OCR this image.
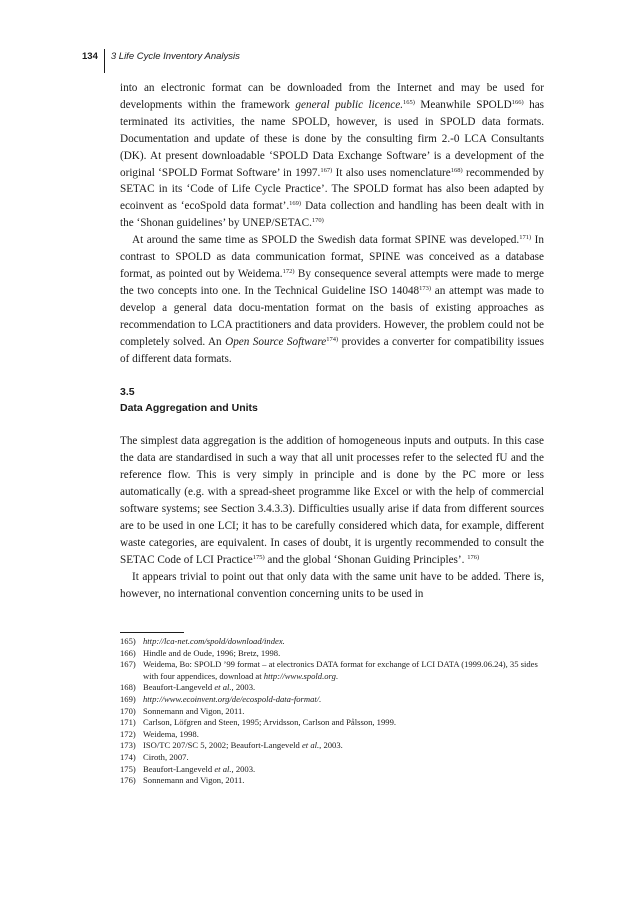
134	3 Life Cycle Inventory Analysis

into an electronic format can be downloaded from the Internet and may be used for developments within the framework general public licence.$^{165)}$ Meanwhile SPOLD$^{166)}$ has terminated its activities, the name SPOLD, however, is used in SPOLD data formats. Documentation and update of these is done by the consulting firm 2.-0 LCA Consultants (DK). At present downloadable ‘SPOLD Data Exchange Software’ is a development of the original ‘SPOLD Format Software’ in 1997.$^{167)}$ It also uses nomenclature$^{168)}$ recommended by SETAC in its ‘Code of Life Cycle Practice’. The SPOLD format has also been adapted by ecoinvent as ‘ecoSpold data format’.$^{169)}$ Data collection and handling has been dealt with in the ‘Shonan guidelines’ by UNEP/SETAC.$^{170)}$

At around the same time as SPOLD the Swedish data format SPINE was developed.$^{171)}$ In contrast to SPOLD as data communication format, SPINE was conceived as a database format, as pointed out by Weidema.$^{172)}$ By consequence several attempts were made to merge the two concepts into one. In the Technical Guideline ISO 14048$^{173)}$ an attempt was made to develop a general data docu-mentation format on the basis of existing approaches as recommendation to LCA practitioners and data providers. However, the problem could not be completely solved. An Open Source Software$^{174)}$ provides a converter for compatibility issues of different data formats.

3.5
Data Aggregation and Units

The simplest data aggregation is the addition of homogeneous inputs and outputs. In this case the data are standardised in such a way that all unit processes refer to the selected fU and the reference flow. This is very simply in principle and is done by the PC more or less automatically (e.g. with a spread-sheet programme like Excel or with the help of commercial software systems; see Section 3.4.3.3). Difficulties usually arise if data from different sources are to be used in one LCI; it has to be carefully considered which data, for example, different waste categories, are equivalent. In cases of doubt, it is urgently recommended to consult the SETAC Code of LCI Practice$^{175)}$ and the global ‘Shonan Guiding Principles’. $^{176)}$

It appears trivial to point out that only data with the same unit have to be added. There is, however, no international convention concerning units to be used in

165) http://lca-net.com/spold/download/index.
166) Hindle and de Oude, 1996; Bretz, 1998.
167) Weidema, Bo: SPOLD ’99 format – at electronics DATA format for exchange of LCI DATA (1999.06.24), 35 sides with four appendices, download at http://www.spold.org.
168) Beaufort-Langeveld et al., 2003.
169) http://www.ecoinvent.org/de/ecospold-data-format/.
170) Sonnemann and Vigon, 2011.
171) Carlson, Löfgren and Steen, 1995; Arvidsson, Carlson and Pålsson, 1999.
172) Weidema, 1998.
173) ISO/TC 207/SC 5, 2002; Beaufort-Langeveld et al., 2003.
174) Ciroth, 2007.
175) Beaufort-Langeveld et al., 2003.
176) Sonnemann and Vigon, 2011.
